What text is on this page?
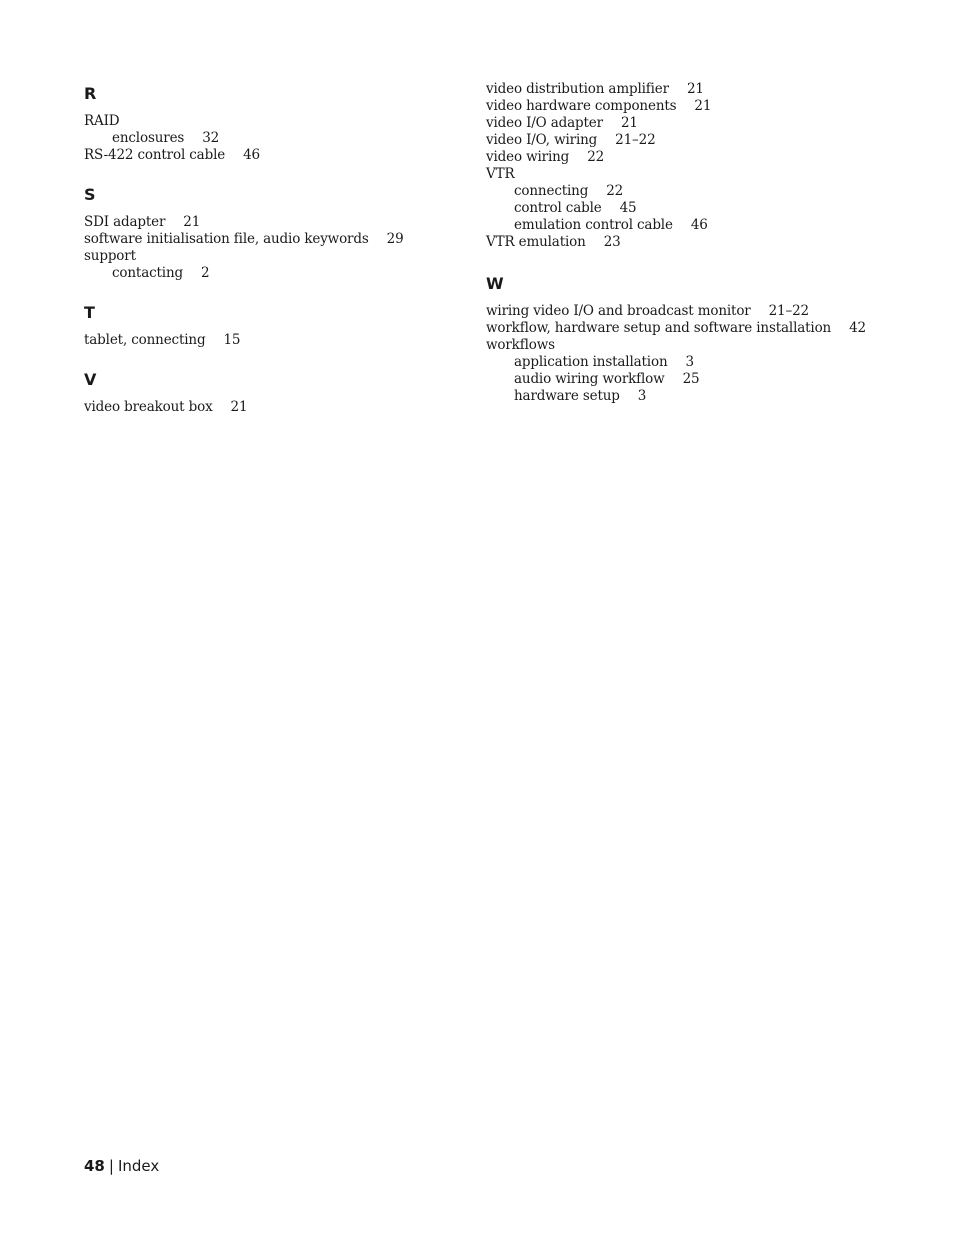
R
RAID
enclosures 32
RS-422 control cable 46
S
SDI adapter 21
software initialisation file, audio keywords 29
support
contacting 2
T
tablet, connecting 15
V
video breakout box 21
video distribution amplifier 21
video hardware components 21
video I/O adapter 21
video I/O, wiring 21–22
video wiring 22
VTR
connecting 22
control cable 45
emulation control cable 46
VTR emulation 23
W
wiring video I/O and broadcast monitor 21–22
workflow, hardware setup and software installation 42
workflows
application installation 3
audio wiring workflow 25
hardware setup 3
48 | Index
